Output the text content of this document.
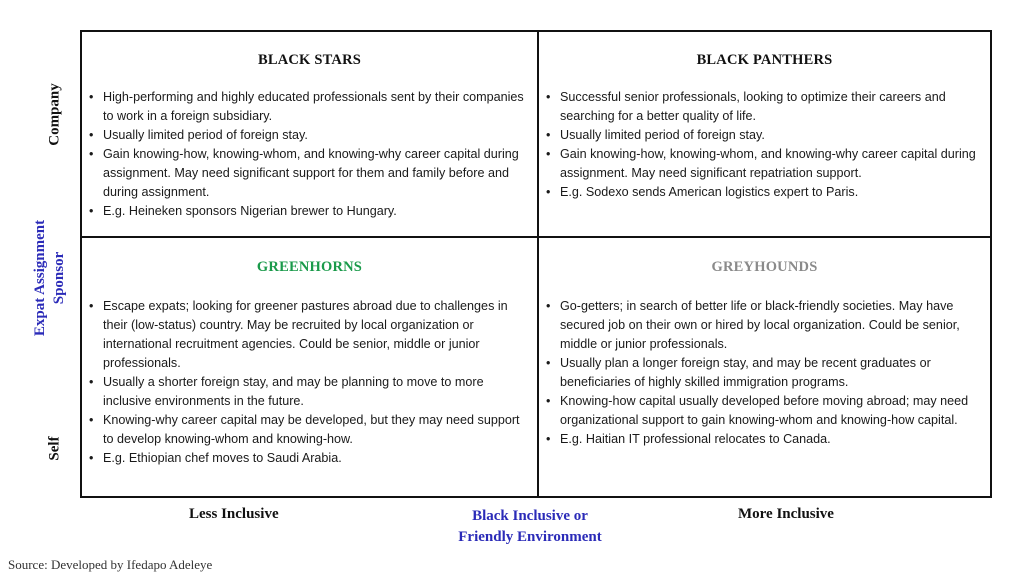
Company
Expat Assignment Sponsor
Self
BLACK STARS
• High-performing and highly educated professionals sent by their companies to work in a foreign subsidiary.
• Usually limited period of foreign stay.
• Gain knowing-how, knowing-whom, and knowing-why career capital during assignment. May need significant support for them and family before and during assignment.
• E.g. Heineken sponsors Nigerian brewer to Hungary.
BLACK PANTHERS
• Successful senior professionals, looking to optimize their careers and searching for a better quality of life.
• Usually limited period of foreign stay.
• Gain knowing-how, knowing-whom, and knowing-why career capital during assignment. May need significant repatriation support.
• E.g. Sodexo sends American logistics expert to Paris.
GREENHORNS
• Escape expats; looking for greener pastures abroad due to challenges in their (low-status) country. May be recruited by local organization or international recruitment agencies. Could be senior, middle or junior professionals.
• Usually a shorter foreign stay, and may be planning to move to more inclusive environments in the future.
• Knowing-why career capital may be developed, but they may need support to develop knowing-whom and knowing-how.
• E.g. Ethiopian chef moves to Saudi Arabia.
GREYHOUNDS
• Go-getters; in search of better life or black-friendly societies. May have secured job on their own or hired by local organization. Could be senior, middle or junior professionals.
• Usually plan a longer foreign stay, and may be recent graduates or beneficiaries of highly skilled immigration programs.
• Knowing-how capital usually developed before moving abroad; may need organizational support to gain knowing-whom and knowing-how capital.
• E.g. Haitian IT professional relocates to Canada.
Less Inclusive	Black Inclusive or
Friendly Environment
More Inclusive
Source: Developed by Ifedapo Adeleye
